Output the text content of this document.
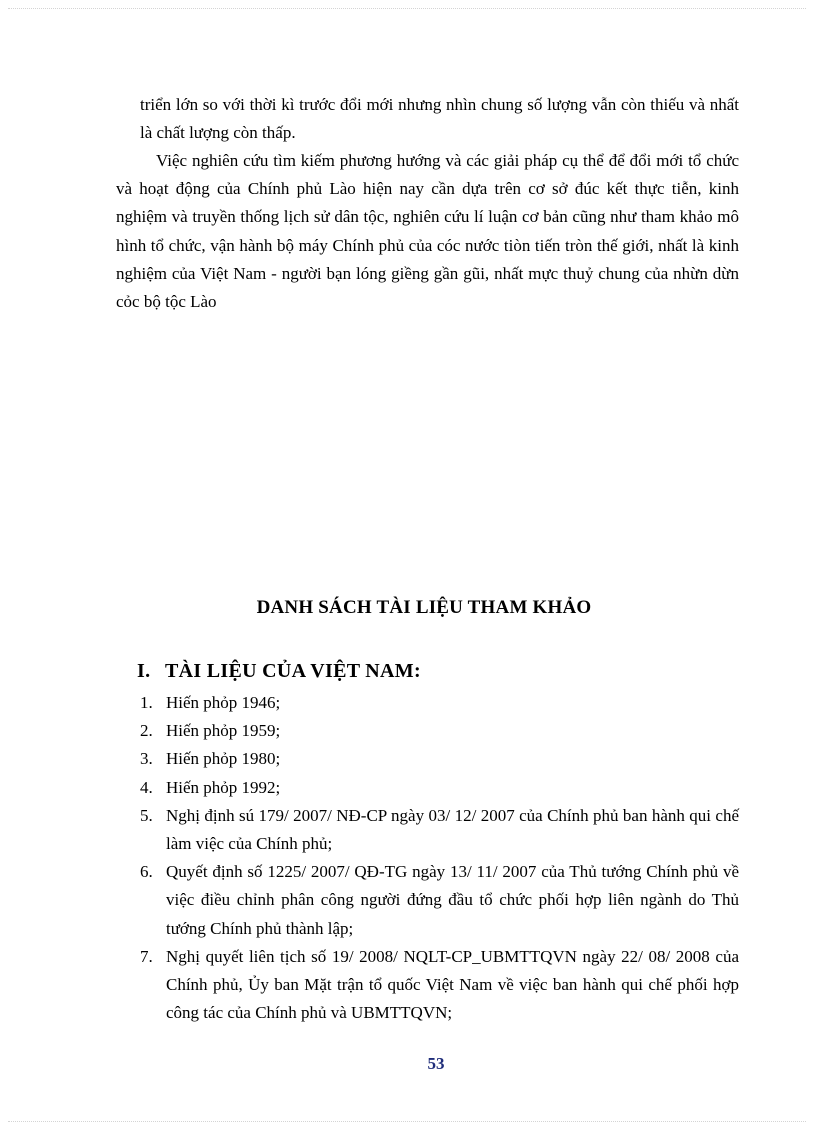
triển lớn so với thời kì trước đổi mới nhưng nhìn chung số lượng vẫn còn thiếu và nhất là chất lượng còn thấp.

Việc nghiên cứu tìm kiếm phương hướng và các giải pháp cụ thể để đổi mới tổ chức và hoạt động của Chính phủ Lào hiện nay cần dựa trên cơ sở đúc kết thực tiễn, kinh nghiệm và truyền thống lịch sử dân tộc, nghiên cứu lí luận cơ bản cũng như tham khảo mô hình tổ chức, vận hành bộ máy Chính phủ của cóc nước tiòn tiến tròn thế giới, nhất là kinh nghiệm của Việt Nam - người bạn lóng giềng gần gũi, nhất mực thuỷ chung của nhừn dừn cỏc bộ tộc Lào

DANH SÁCH TÀI LIỆU THAM KHẢO
I. TÀI LIỆU CỦA VIỆT NAM:
1. Hiến phỏp 1946;
2. Hiến phỏp 1959;
3. Hiến phỏp 1980;
4. Hiến phỏp 1992;
5. Nghị định sú 179/ 2007/ NĐ-CP ngày 03/ 12/ 2007 của Chính phủ ban hành qui chế làm việc của Chính phủ;
6. Quyết định số 1225/ 2007/ QĐ-TG ngày 13/ 11/ 2007 của Thủ tướng Chính phủ về việc điều chỉnh phân công người đứng đầu tổ chức phối hợp liên ngành do Thủ tướng Chính phủ thành lập;
7. Nghị quyết liên tịch số 19/ 2008/ NQLT-CP_UBMTTQVN ngày 22/ 08/ 2008 của Chính phủ, Ủy ban Mặt trận tổ quốc Việt Nam về việc ban hành qui chế phối hợp công tác của Chính phủ và UBMTTQVN;

53
